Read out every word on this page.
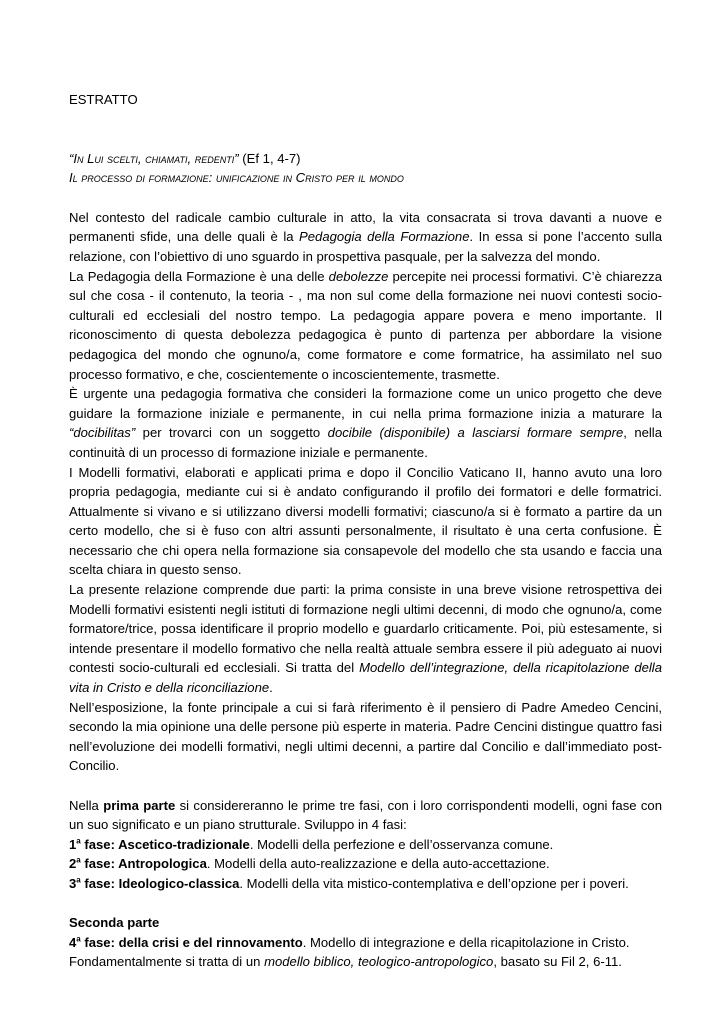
ESTRATTO

“In Lui scelti, chiamati, redenti” (Ef 1, 4-7)

Il processo di formazione: unificazione in Cristo per il mondo

Nel contesto del radicale cambio culturale in atto, la vita consacrata si trova davanti a nuove e permanenti sfide, una delle quali è la Pedagogia della Formazione. In essa si pone l’accento sulla relazione, con l’obiettivo di uno sguardo in prospettiva pasquale, per la salvezza del mondo.

La Pedagogia della Formazione è una delle debolezze percepite nei processi formativi. C’è chiarezza sul che cosa - il contenuto, la teoria - , ma non sul come della formazione nei nuovi contesti socio-culturali ed ecclesiali del nostro tempo. La pedagogia appare povera e meno importante. Il riconoscimento di questa debolezza pedagogica è punto di partenza per abbordare la visione pedagogica del mondo che ognuno/a, come formatore e come formatrice, ha assimilato nel suo processo formativo, e che, coscientemente o incoscientemente, trasmette.

È urgente una pedagogia formativa che consideri la formazione come un unico progetto che deve guidare la formazione iniziale e permanente, in cui nella prima formazione inizia a maturare la “docibilitas” per trovarci con un soggetto docibile (disponibile) a lasciarsi formare sempre, nella continuità di un processo di formazione iniziale e permanente.

I Modelli formativi, elaborati e applicati prima e dopo il Concilio Vaticano II, hanno avuto una loro propria pedagogia, mediante cui si è andato configurando il profilo dei formatori e delle formatrici. Attualmente si vivano e si utilizzano diversi modelli formativi; ciascuno/a si è formato a partire da un certo modello, che si è fuso con altri assunti personalmente, il risultato è una certa confusione. È necessario che chi opera nella formazione sia consapevole del modello che sta usando e faccia una scelta chiara in questo senso.

La presente relazione comprende due parti: la prima consiste in una breve visione retrospettiva dei Modelli formativi esistenti negli istituti di formazione negli ultimi decenni, di modo che ognuno/a, come formatore/trice, possa identificare il proprio modello e guardarlo criticamente. Poi, più estesamente, si intende presentare il modello formativo che nella realtà attuale sembra essere il più adeguato ai nuovi contesti socio-culturali ed ecclesiali. Si tratta del Modello dell’integrazione, della ricapitolazione della vita in Cristo e della riconciliazione.

Nell’esposizione, la fonte principale a cui si farà riferimento è il pensiero di Padre Amedeo Cencini, secondo la mia opinione una delle persone più esperte in materia. Padre Cencini distingue quattro fasi nell’evoluzione dei modelli formativi, negli ultimi decenni, a partire dal Concilio e dall’immediato post-Concilio.

Nella prima parte si considereranno le prime tre fasi, con i loro corrispondenti modelli, ogni fase con un suo significato e un piano strutturale. Sviluppo in 4 fasi:

1$^a$ fase: Ascetico-tradizionale. Modelli della perfezione e dell’osservanza comune.

2$^a$ fase: Antropologica. Modelli della auto-realizzazione e della auto-accettazione.

3$^a$ fase: Ideologico-classica. Modelli della vita mistico-contemplativa e dell’opzione per i poveri.

Seconda parte

4$^a$ fase: della crisi e del rinnovamento. Modello di integrazione e della ricapitolazione in Cristo.

Fondamentalmente si tratta di un modello biblico, teologico-antropologico, basato su Fil 2, 6-11.
